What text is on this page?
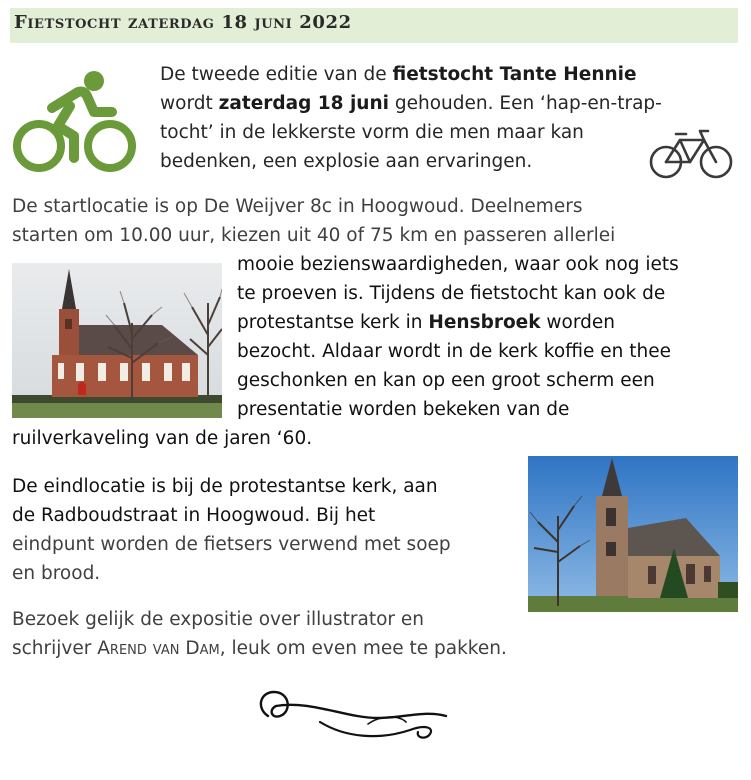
Fietstocht zaterdag 18 juni 2022
De tweede editie van de fietstocht Tante Hennie
wordt zaterdag 18 juni gehouden. Een ‘hap-en-trap-
tocht’ in de lekkerste vorm die men maar kan
bedenken, een explosie aan ervaringen.
De startlocatie is op De Weijver 8c in Hoogwoud. Deelnemers
starten om 10.00 uur, kiezen uit 40 of 75 km en passeren allerlei
mooie bezienswaardigheden, waar ook nog iets
te proeven is. Tijdens de fietstocht kan ook de
protestantse kerk in Hensbroek worden
bezocht. Aldaar wordt in de kerk koffie en thee
geschonken en kan op een groot scherm een
presentatie worden bekeken van de
ruilverkaveling van de jaren ‘60.
De eindlocatie is bij de protestantse kerk, aan
de Radboudstraat in Hoogwoud. Bij het
eindpunt worden de fietsers verwend met soep
en brood.
Bezoek gelijk de expositie over illustrator en
schrijver Arend van Dam, leuk om even mee te pakken.
